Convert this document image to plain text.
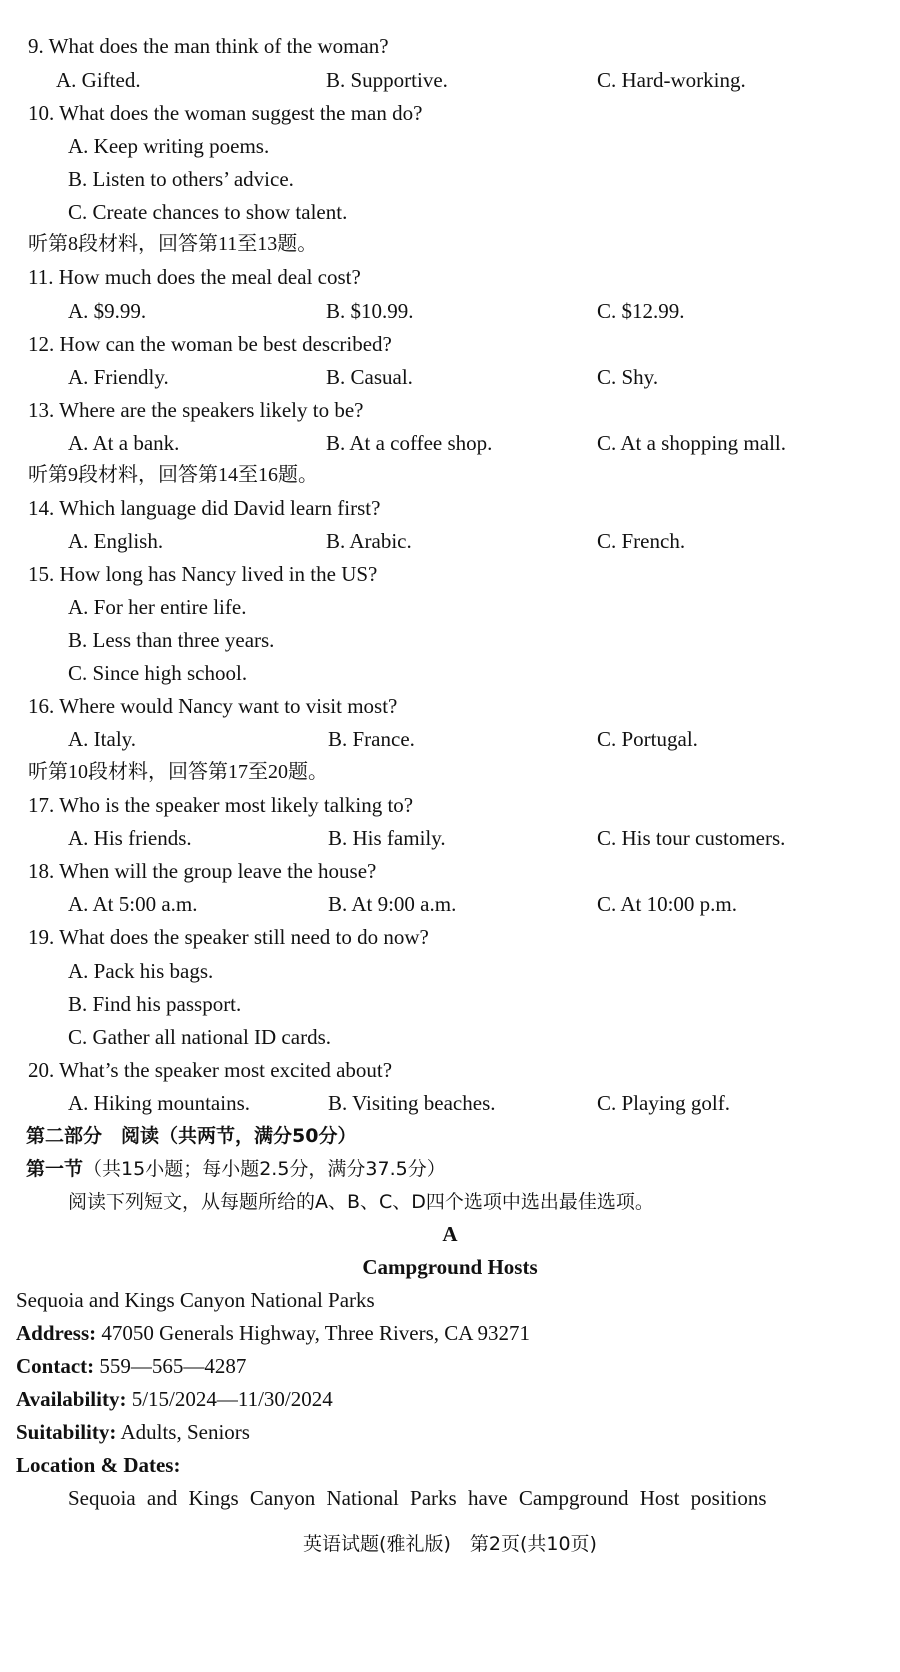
9. What does the man think of the woman?
A. Gifted.	B. Supportive.	C. Hard-working.
10. What does the woman suggest the man do?
A. Keep writing poems.
B. Listen to others’ advice.
C. Create chances to show talent.
听第8段材料，回答第11至13题。
11. How much does the meal deal cost?
A. $9.99.	B. $10.99.	C. $12.99.
12. How can the woman be best described?
A. Friendly.	B. Casual.	C. Shy.
13. Where are the speakers likely to be?
A. At a bank.	B. At a coffee shop.	C. At a shopping mall.
听第9段材料，回答第14至16题。
14. Which language did David learn first?
A. English.	B. Arabic.	C. French.
15. How long has Nancy lived in the US?
A. For her entire life.
B. Less than three years.
C. Since high school.
16. Where would Nancy want to visit most?
A. Italy.	B. France.	C. Portugal.
听第10段材料，回答第17至20题。
17. Who is the speaker most likely talking to?
A. His friends.	B. His family.	C. His tour customers.
18. When will the group leave the house?
A. At 5:00 a.m.	B. At 9:00 a.m.	C. At 10:00 p.m.
19. What does the speaker still need to do now?
A. Pack his bags.
B. Find his passport.
C. Gather all national ID cards.
20. What’s the speaker most excited about?
A. Hiking mountains.	B. Visiting beaches.	C. Playing golf.
第二部分　阅读（共两节，满分50分）
第一节（共15小题；每小题2.5分，满分37.5分）
阅读下列短文，从每题所给的A、B、C、D四个选项中选出最佳选项。
A
Campground Hosts
Sequoia and Kings Canyon National Parks
Address: 47050 Generals Highway, Three Rivers, CA 93271
Contact: 559—565—4287
Availability: 5/15/2024—11/30/2024
Suitability: Adults, Seniors
Location & Dates:
Sequoia and Kings Canyon National Parks have Campground Host positions
英语试题(雅礼版)　第2页(共10页)
